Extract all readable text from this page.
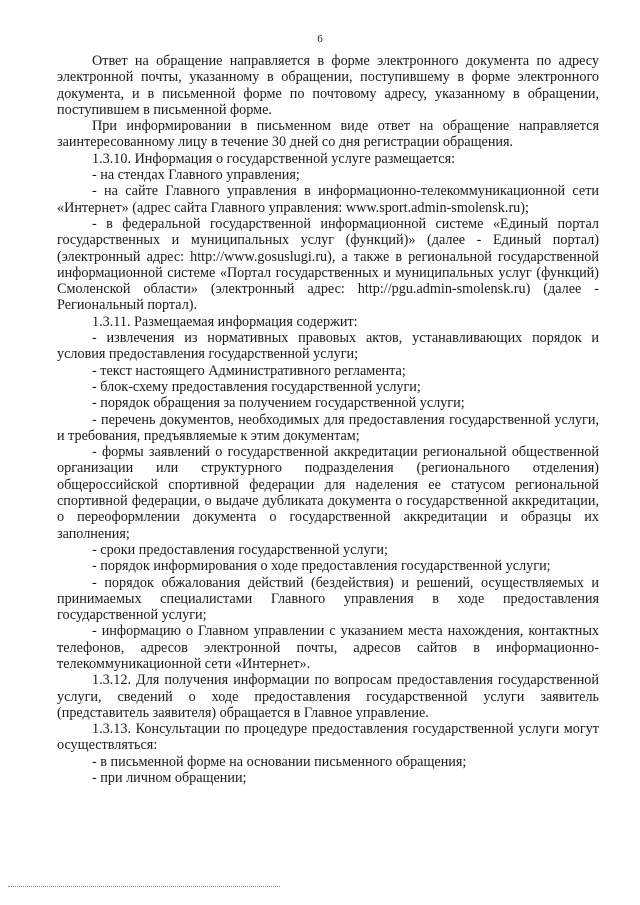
6

Ответ на обращение направляется в форме электронного документа по адресу электронной почты, указанному в обращении, поступившему в форме электронного документа, и в письменной форме по почтовому адресу, указанному в обращении, поступившем в письменной форме.

При информировании в письменном виде ответ на обращение направляется заинтересованному лицу в течение 30 дней со дня регистрации обращения.

1.3.10. Информация о государственной услуге размещается:

- на стендах Главного управления;

- на сайте Главного управления в информационно-телекоммуникационной сети «Интернет» (адрес сайта Главного управления: www.sport.admin-smolensk.ru);

- в федеральной государственной информационной системе «Единый портал государственных и муниципальных услуг (функций)» (далее - Единый портал) (электронный адрес: http://www.gosuslugi.ru), а также в региональной государственной информационной системе «Портал государственных и муниципальных услуг (функций) Смоленской области» (электронный адрес: http://pgu.admin-smolensk.ru) (далее - Региональный портал).

1.3.11. Размещаемая информация содержит:

- извлечения из нормативных правовых актов, устанавливающих порядок и условия предоставления государственной услуги;

- текст настоящего Административного регламента;

- блок-схему предоставления государственной услуги;

- порядок обращения за получением государственной услуги;

- перечень документов, необходимых для предоставления государственной услуги, и требования, предъявляемые к этим документам;

- формы заявлений о государственной аккредитации региональной общественной организации или структурного подразделения (регионального отделения) общероссийской спортивной федерации для наделения ее статусом региональной спортивной федерации, о выдаче дубликата документа о государственной аккредитации, о переоформлении документа о государственной аккредитации и образцы их заполнения;

- сроки предоставления государственной услуги;

- порядок информирования о ходе предоставления государственной услуги;

- порядок обжалования действий (бездействия) и решений, осуществляемых и принимаемых специалистами Главного управления в ходе предоставления государственной услуги;

- информацию о Главном управлении с указанием места нахождения, контактных телефонов, адресов электронной почты, адресов сайтов в информационно-телекоммуникационной сети «Интернет».

1.3.12. Для получения информации по вопросам предоставления государственной услуги, сведений о ходе предоставления государственной услуги заявитель (представитель заявителя) обращается в Главное управление.

1.3.13. Консультации по процедуре предоставления государственной услуги могут осуществляться:

- в письменной форме на основании письменного обращения;

- при личном обращении;
